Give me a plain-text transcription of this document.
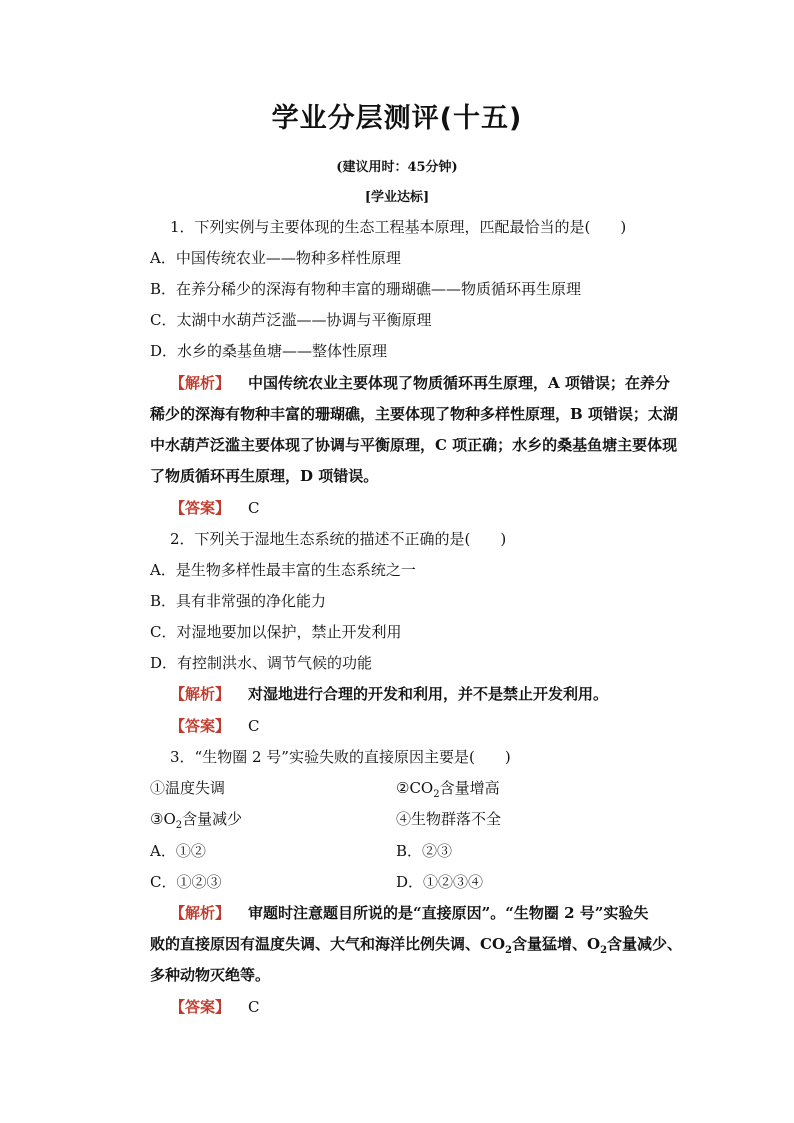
学业分层测评(十五)
(建议用时：45分钟)
[学业达标]
1．下列实例与主要体现的生态工程基本原理，匹配最恰当的是(　　)
A．中国传统农业——物种多样性原理
B．在养分稀少的深海有物种丰富的珊瑚礁——物质循环再生原理
C．太湖中水葫芦泛滥——协调与平衡原理
D．水乡的桑基鱼塘——整体性原理
【解析】 中国传统农业主要体现了物质循环再生原理，A 项错误；在养分
稀少的深海有物种丰富的珊瑚礁，主要体现了物种多样性原理，B 项错误；太湖
中水葫芦泛滥主要体现了协调与平衡原理，C 项正确；水乡的桑基鱼塘主要体现
了物质循环再生原理，D 项错误。
【答案】 C
2．下列关于湿地生态系统的描述不正确的是(　　)
A．是生物多样性最丰富的生态系统之一
B．具有非常强的净化能力
C．对湿地要加以保护，禁止开发利用
D．有控制洪水、调节气候的功能
【解析】 对湿地进行合理的开发和利用，并不是禁止开发利用。
【答案】 C
3．“生物圈 2 号”实验失败的直接原因主要是(　　)
①温度失调	$②CO_2$含量增高
$③O_2$含量减少	④生物群落不全
A．①②	B．②③
C．①②③	D．①②③④
【解析】 审题时注意题目所说的是“直接原因”。“生物圈 2 号”实验失
败的直接原因有温度失调、大气和海洋比例失调、$CO_2$含量猛增、$O_2$含量减少、
多种动物灭绝等。
【答案】 C
